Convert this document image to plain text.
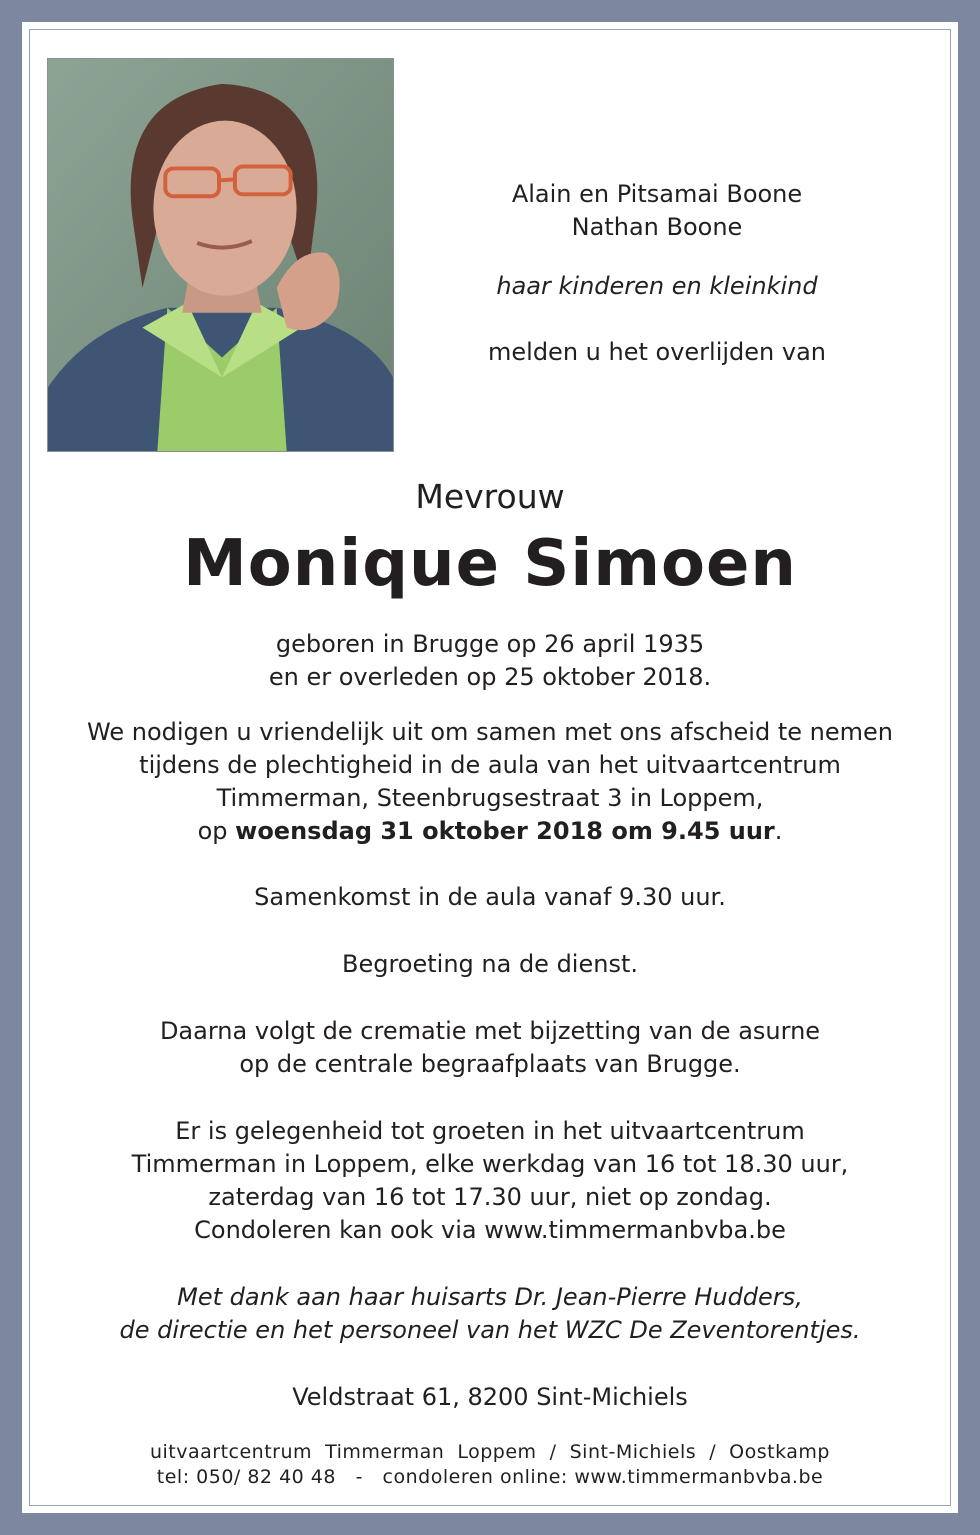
Alain en Pitsamai Boone
Nathan Boone
haar kinderen en kleinkind
melden u het overlijden van
Mevrouw
Monique Simoen
geboren in Brugge op 26 april 1935
en er overleden op 25 oktober 2018.
We nodigen u vriendelijk uit om samen met ons afscheid te nemen
tijdens de plechtigheid in de aula van het uitvaartcentrum
Timmerman, Steenbrugsestraat 3 in Loppem,
op woensdag 31 oktober 2018 om 9.45 uur.
Samenkomst in de aula vanaf 9.30 uur.
Begroeting na de dienst.
Daarna volgt de crematie met bijzetting van de asurne
op de centrale begraafplaats van Brugge.
Er is gelegenheid tot groeten in het uitvaartcentrum
Timmerman in Loppem, elke werkdag van 16 tot 18.30 uur,
zaterdag van 16 tot 17.30 uur, niet op zondag.
Condoleren kan ook via www.timmermanbvba.be
Met dank aan haar huisarts Dr. Jean-Pierre Hudders,
de directie en het personeel van het WZC De Zeventorentjes.
Veldstraat 61, 8200 Sint-Michiels
uitvaartcentrum  Timmerman  Loppem  /  Sint-Michiels  /  Oostkamp
tel: 050/ 82 40 48   -   condoleren online: www.timmermanbvba.be
